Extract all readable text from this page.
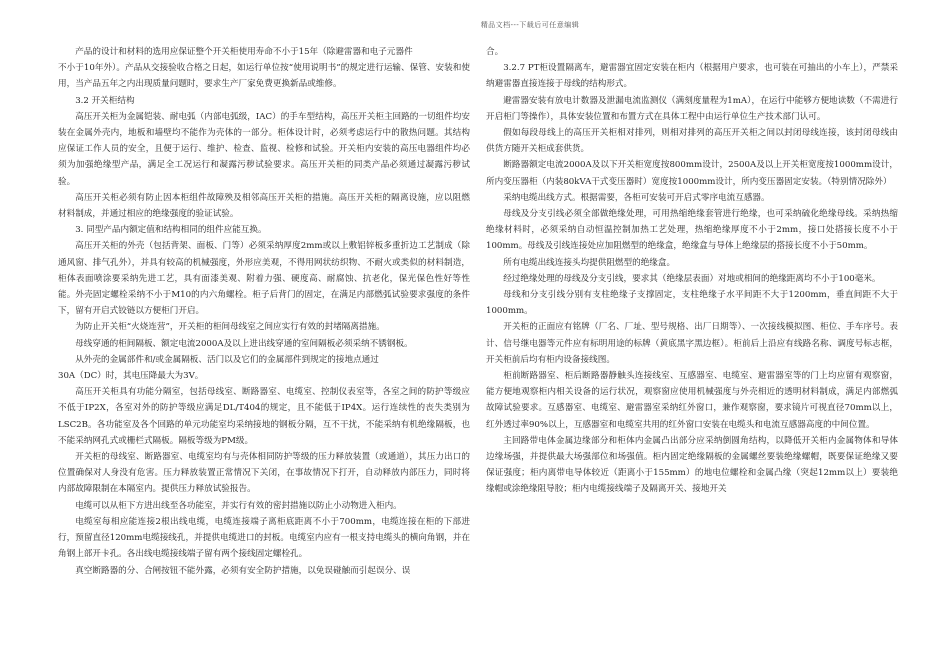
精品文档---下载后可任意编辑

产品的设计和材料的选用应保证整个开关柜使用寿命不小于15年（除避雷器和电子元器件

不小于10年外）。产品从交接验收合格之日起，如运行单位按“使用说明书”的规定进行运输、保管、安装和使用，当产品五年之内出现质量问题时，要求生产厂家免费更换新品或维修。

3.2 开关柜结构

高压开关柜为金属铠装、耐电弧（内部电弧级，IAC）的手车型结构，高压开关柜主回路的一切组件均安装在金属外壳内，地板和墙壁均不能作为壳体的一部分。柜体设计时，必须考虑运行中的散热问题。其结构应保证工作人员的安全，且便于运行、维护、检查、监视、检修和试验。开关柜内安装的高压电器组件均必须为加强绝缘型产品，满足全工况运行和凝露污秽试验要求。高压开关柜的同类产品必须通过凝露污秽试验。

高压开关柜必须有防止因本柜组件故障殃及相邻高压开关柜的措施。高压开关柜的隔离设施，应以阻燃材料制成，并通过相应的绝缘强度的验证试验。

3. 同型产品内额定值和结构相同的组件应能互换。

高压开关柜的外壳（包括背架、面板、门等）必须采纳厚度2mm或以上敷铝锌板多重折边工艺制成（除通风窗、排气孔外），并具有较高的机械强度，外形应美观，不得用网状纺织物、不耐火或类似的材料制造，柜体表面喷涂要采纳先进工艺，具有面漆美观、附着力强、硬度高、耐腐蚀、抗老化，保光保色性好等性能。外壳固定螺栓采纳不小于M10的内六角螺栓。柜子后背门的固定，在满足内部燃弧试验要求强度的条件下，留有开启式铰链以方便柜门开启。

为防止开关柜“火烧连营”，开关柜的柜间母线室之间应实行有效的封堵隔离措施。

母线穿通的柜间隔板、额定电流2000A及以上进出线穿通的室间隔板必须采纳不锈钢板。

从外壳的金属部件和/或金属隔板、活门以及它们的金属部件到规定的接地点通过

30A（DC）时，其电压降最大为3V。

高压开关柜具有功能分隔室，包括母线室、断路器室、电缆室、控制仪表室等，各室之间的防护等级应不低于IP2X，各室对外的防护等级应满足DL/T404的规定，且不能低于IP4X。运行连续性的丧失类别为LSC2B。各功能室及各个回路的单元功能室均采纳接地的钢板分隔，互不干扰，不能采纳有机绝缘隔板，也不能采纳网孔式或栅栏式隔板。隔板等级为PM级。

开关柜的母线室、断路器室、电缆室均有与壳体相同防护等级的压力释放装置（或通道），其压力出口的位置确保对人身没有危害。压力释放装置正常情况下关闭，在事故情况下打开，自动释放内部压力，同时将内部故障限制在本隔室内。提供压力释放试验报告。

电缆可以从柜下方进出线至各功能室，并实行有效的密封措施以防止小动物进入柜内。

电缆室每相应能连接2根出线电缆，电缆连接端子离柜底距离不小于700mm，电缆连接在柜的下部进行，预留直径120mm电缆接线孔，并提供电缆进口的封板。电缆室内应有一根支持电缆头的横向角钢，并在角钢上部开卡孔。各出线电缆接线端子留有两个接线固定螺栓孔。

真空断路器的分、合闸按钮不能外露，必须有安全防护措施，以免误碰触而引起误分、误

合。

3.2.7 PT柜设置隔离车，避雷器宜固定安装在柜内（根据用户要求，也可装在可抽出的小车上），严禁采纳避雷器直接连接于母线的结构形式。

避雷器安装有放电计数器及泄漏电流监测仪（满刻度量程为1mA），在运行中能够方便地读数（不需进行开启柜门等操作），具体安装位置和布置方式在具体工程中由运行单位生产技术部门认可。

假如每段母线上的高压开关柜相对排列，则相对排列的高压开关柜之间以封闭母线连接，该封闭母线由供货方随开关柜成套供货。

断路器额定电流2000A及以下开关柜宽度按800mm设计，2500A及以上开关柜宽度按1000mm设计，所内变压器柜（内装80kVA干式变压器时）宽度按1000mm设计，所内变压器固定安装。（特别情况除外）

采纳电缆出线方式。根据需要，各柜可安装可开启式零序电流互感器。

母线及分支引线必须全部做绝缘处理，可用热缩绝缘套管进行绝缘，也可采纳硫化绝缘母线。采纳热缩绝缘材料时，必须采纳自动恒温控制加热工艺处理，热缩绝缘厚度不小于2mm，接口处搭接长度不小于100mm。母线及引线连接处应加阻燃型的绝缘盒，绝缘盒与导体上绝缘层的搭接长度不小于50mm。

所有电缆出线连接头均提供阻燃型的绝缘盒。

经过绝缘处理的母线及分支引线，要求其（绝缘层表面）对地或相间的绝缘距离均不小于100毫米。

母线和分支引线分别有支柱绝缘子支撑固定，支柱绝缘子水平间距不大于1200mm，垂直间距不大于1000mm。

开关柜的正面应有铭牌（厂名、厂址、型号规格、出厂日期等）、一次接线模拟图、柜位、手车序号。表计、信号继电器等元件应有标明用途的标牌（黄底黑字黑边框）。柜前后上沿应有线路名称、调度号标志框，开关柜前后均有柜内设备接线图。

柜前断路器室、柜后断路器静触头连接线室、互感器室、电缆室、避雷器室等的门上均应留有观察窗，能方便地观察柜内相关设备的运行状况，观察窗应使用机械强度与外壳相近的透明材料制成，满足内部燃弧故障试验要求。互感器室、电缆室、避雷器室采纳红外窗口，兼作观察窗，要求镜片可视直径70mm以上，红外透过率90%以上，互感器室和电缆室共用的红外窗口安装在电缆头和电流互感器高度的中间位置。

主回路带电体金属边缘部分和柜体内金属凸出部分应采纳倒圆角结构，以降低开关柜内金属物体和导体边缘场强，并提供最大场强部位和场强值。柜内固定绝缘隔板的金属螺丝要装绝缘螺帽，既要保证绝缘又要保证强度；柜内离带电导体较近（距离小于155mm）的地电位螺栓和金属凸缘（突起12mm以上）要装绝缘帽或涂绝缘阻导胶；柜内电缆接线端子及隔离开关、接地开关
